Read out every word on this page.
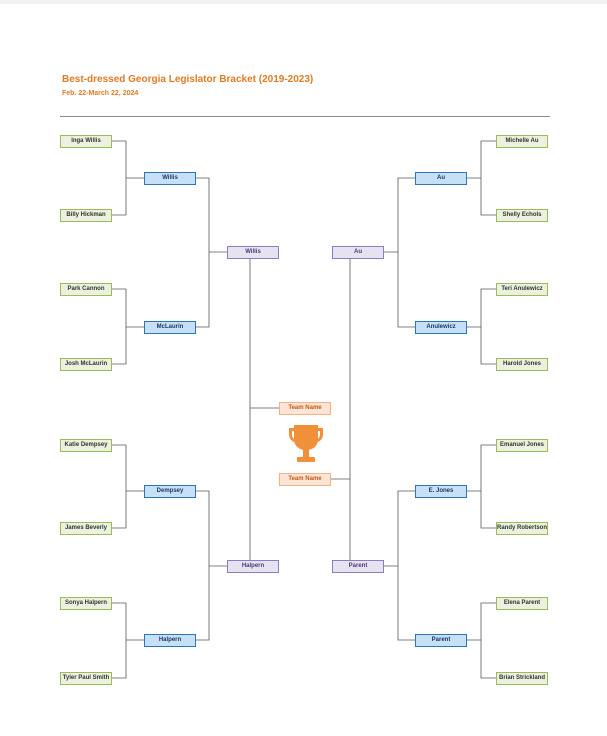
Best-dressed Georgia Legislator Bracket (2019-2023)
Feb. 22-March 22, 2024
Inga Willis
Billy Hickman
Park Cannon
Josh McLaurin
Katie Dempsey
James Beverly
Sonya Halpern
Tyler Paul Smith
Willis
McLaurin
Dempsey
Halpern
Willis
Halpern
Team Name
Team Name
Au
Parent
Au
Anulewicz
E. Jones
Parent
Michelle Au
Shelly Echols
Teri Anulewicz
Harold Jones
Emanuel Jones
Randy Robertson
Elena Parent
Brian Strickland
